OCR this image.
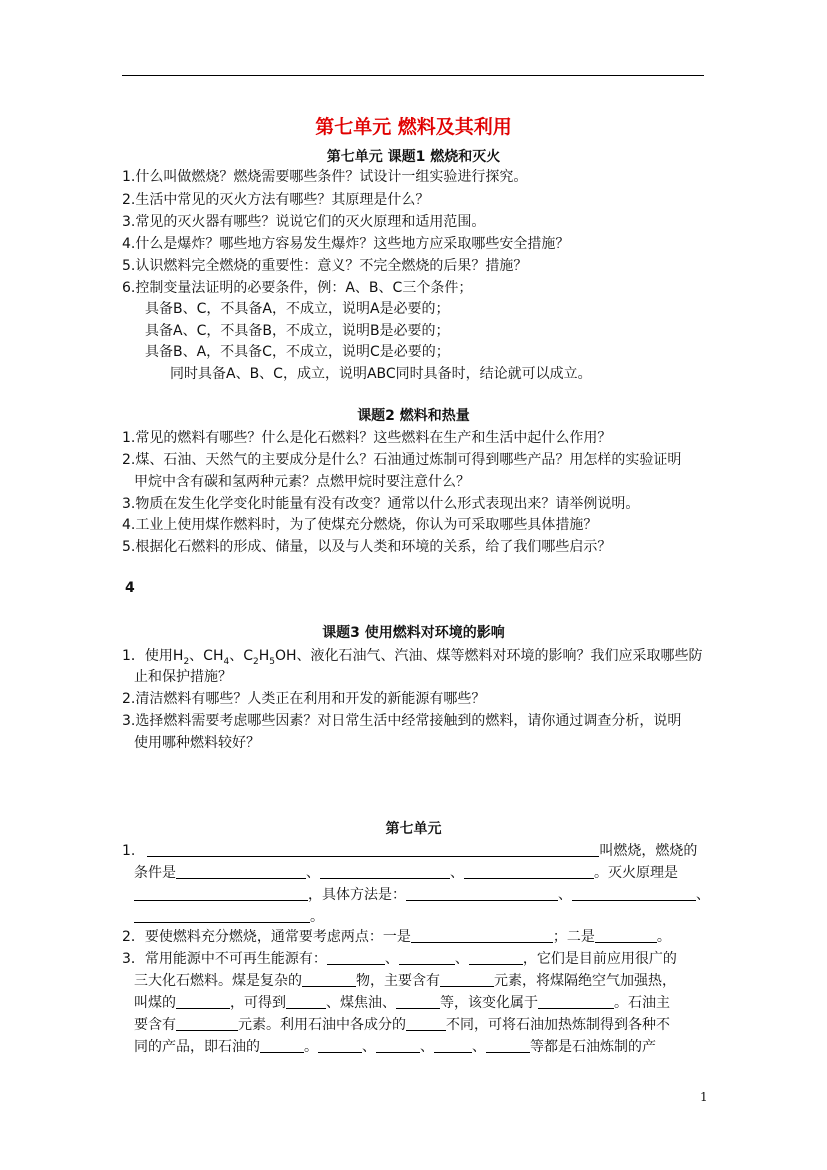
第七单元 燃料及其利用
第七单元 课题1 燃烧和灭火
1.什么叫做燃烧？燃烧需要哪些条件？试设计一组实验进行探究。
2.生活中常见的灭火方法有哪些？其原理是什么？
3.常见的灭火器有哪些？说说它们的灭火原理和适用范围。
4.什么是爆炸？哪些地方容易发生爆炸？这些地方应采取哪些安全措施？
5.认识燃料完全燃烧的重要性：意义？不完全燃烧的后果？措施？
6.控制变量法证明的必要条件，例：A、B、C三个条件；
具备B、C，不具备A，不成立，说明A是必要的；
具备A、C，不具备B，不成立，说明B是必要的；
具备B、A，不具备C，不成立，说明C是必要的；
同时具备A、B、C，成立，说明ABC同时具备时，结论就可以成立。
课题2 燃料和热量
1.常见的燃料有哪些？什么是化石燃料？这些燃料在生产和生活中起什么作用？
2.煤、石油、天然气的主要成分是什么？石油通过炼制可得到哪些产品？用怎样的实验证明
甲烷中含有碳和氢两种元素？点燃甲烷时要注意什么？
3.物质在发生化学变化时能量有没有改变？通常以什么形式表现出来？请举例说明。
4.工业上使用煤作燃料时，为了使煤充分燃烧，你认为可采取哪些具体措施？
5.根据化石燃料的形成、储量，以及与人类和环境的关系，给了我们哪些启示？
4
课题3 使用燃料对环境的影响
1．使用$H_2$、$CH_4$、$C_2H_5OH$、液化石油气、汽油、煤等燃料对环境的影响？我们应采取哪些防
止和保护措施？
2.清洁燃料有哪些？人类正在利用和开发的新能源有哪些？
3.选择燃料需要考虑哪些因素？对日常生活中经常接触到的燃料，请你通过调查分析，说明
使用哪种燃料较好？
第七单元
1.	叫燃烧，燃烧的
条件是	、	、	。灭火原理是
，具体方法是：	、	、
。
2．要使燃料充分燃烧，通常要考虑两点：一是	；二是	。
3．常用能源中不可再生能源有：	、	、	，它们是目前应用很广的
三大化石燃料。煤是复杂的	物，主要含有	元素，将煤隔绝空气加强热，
叫煤的	，可得到	、煤焦油、	等，该变化属于	。石油主
要含有	元素。利用石油中各成分的	不同，可将石油加热炼制得到各种不
同的产品，即石油的	。	、	、	、	等都是石油炼制的产
1
